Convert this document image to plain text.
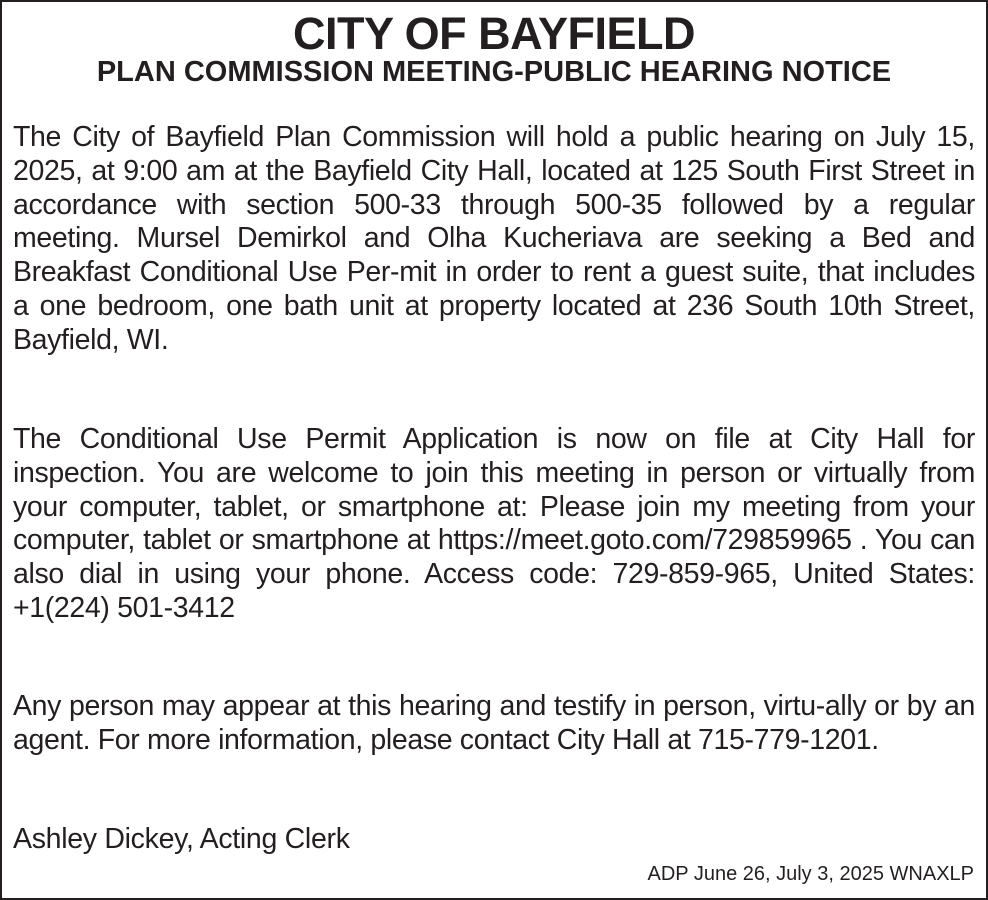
CITY OF BAYFIELD
PLAN COMMISSION MEETING-PUBLIC HEARING NOTICE

The City of Bayfield Plan Commission will hold a public hearing on July 15, 2025, at 9:00 am at the Bayfield City Hall, located at 125 South First Street in accordance with section 500-33 through 500-35 followed by a regular meeting. Mursel Demirkol and Olha Kucheriava are seeking a Bed and Breakfast Conditional Use Per-mit in order to rent a guest suite, that includes a one bedroom, one bath unit at property located at 236 South 10th Street, Bayfield, WI.

The Conditional Use Permit Application is now on file at City Hall for inspection. You are welcome to join this meeting in person or virtually from your computer, tablet, or smartphone at: Please join my meeting from your computer, tablet or smartphone at https://meet.goto.com/729859965 . You can also dial in using your phone. Access code: 729-859-965, United States: +1(224) 501-3412

Any person may appear at this hearing and testify in person, virtu-ally or by an agent. For more information, please contact City Hall at 715-779-1201.

Ashley Dickey, Acting Clerk
ADP June 26, July 3, 2025 WNAXLP
